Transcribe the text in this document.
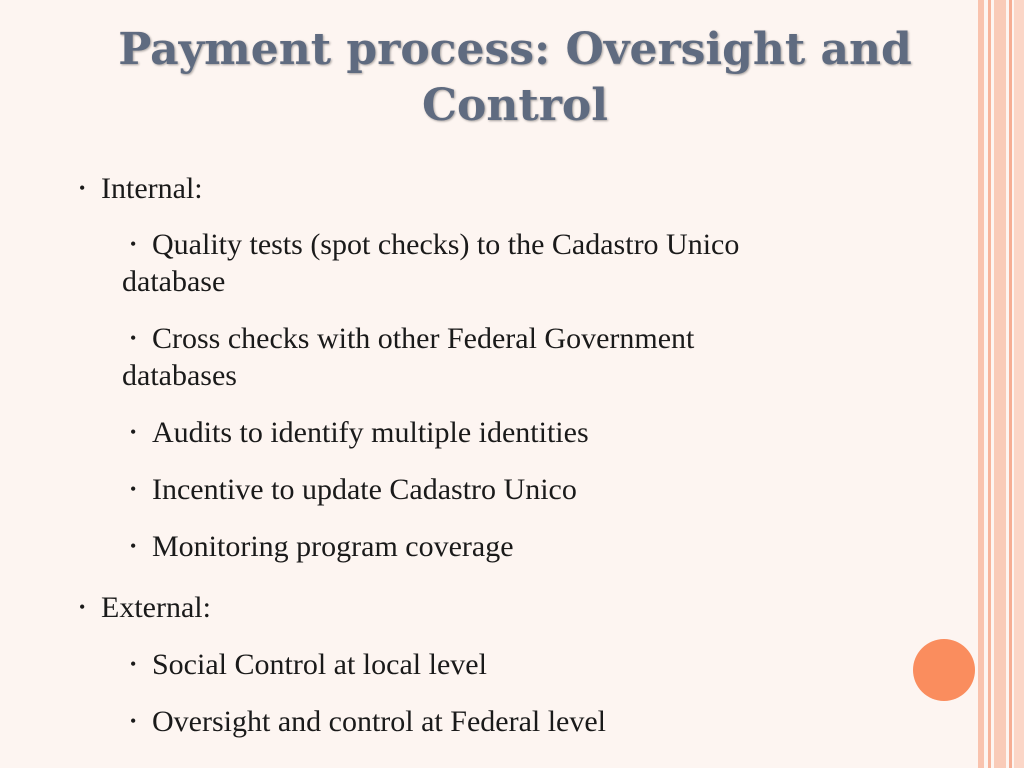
Payment process: Oversight and Control
• Internal:
• Quality tests (spot checks) to the Cadastro Unico
database
• Cross checks with other Federal Government
databases
• Audits to identify multiple identities
• Incentive to update Cadastro Unico
• Monitoring program coverage
• External:
• Social Control at local level
• Oversight and control at Federal level
